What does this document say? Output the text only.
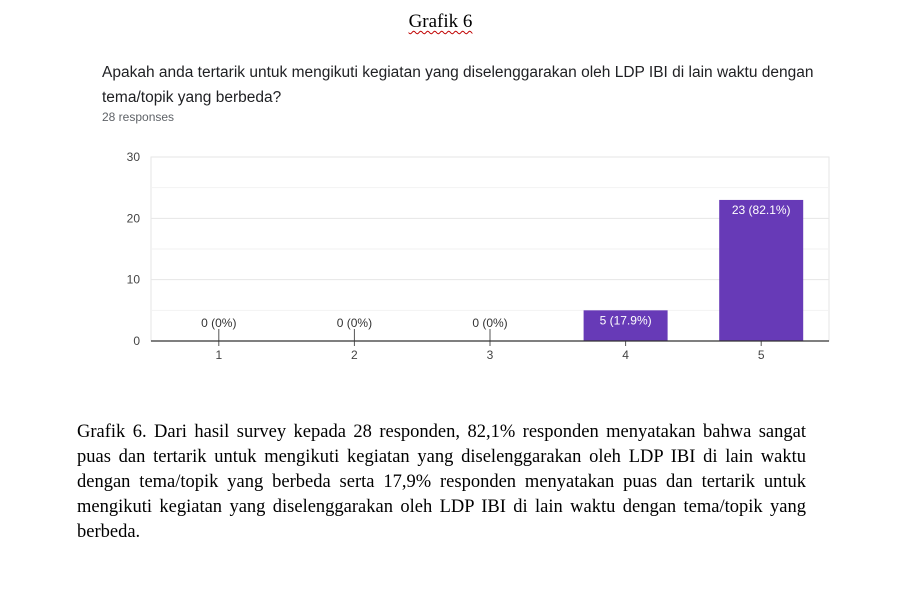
Grafik 6
Apakah anda tertarik untuk mengikuti kegiatan yang diselenggarakan oleh LDP IBI di lain waktu dengan tema/topik yang berbeda?
28 responses
0
10
20
30
0 (0%)
1
0 (0%)
2
0 (0%)
3
5 (17.9%)
4
23 (82.1%)
5
Grafik 6. Dari hasil survey kepada 28 responden, 82,1% responden menyatakan bahwa sangat puas dan tertarik untuk mengikuti kegiatan yang diselenggarakan oleh LDP IBI di lain waktu dengan tema/topik yang berbeda serta 17,9% responden menyatakan puas dan tertarik untuk mengikuti kegiatan yang diselenggarakan oleh LDP IBI di lain waktu dengan tema/topik yang berbeda.
